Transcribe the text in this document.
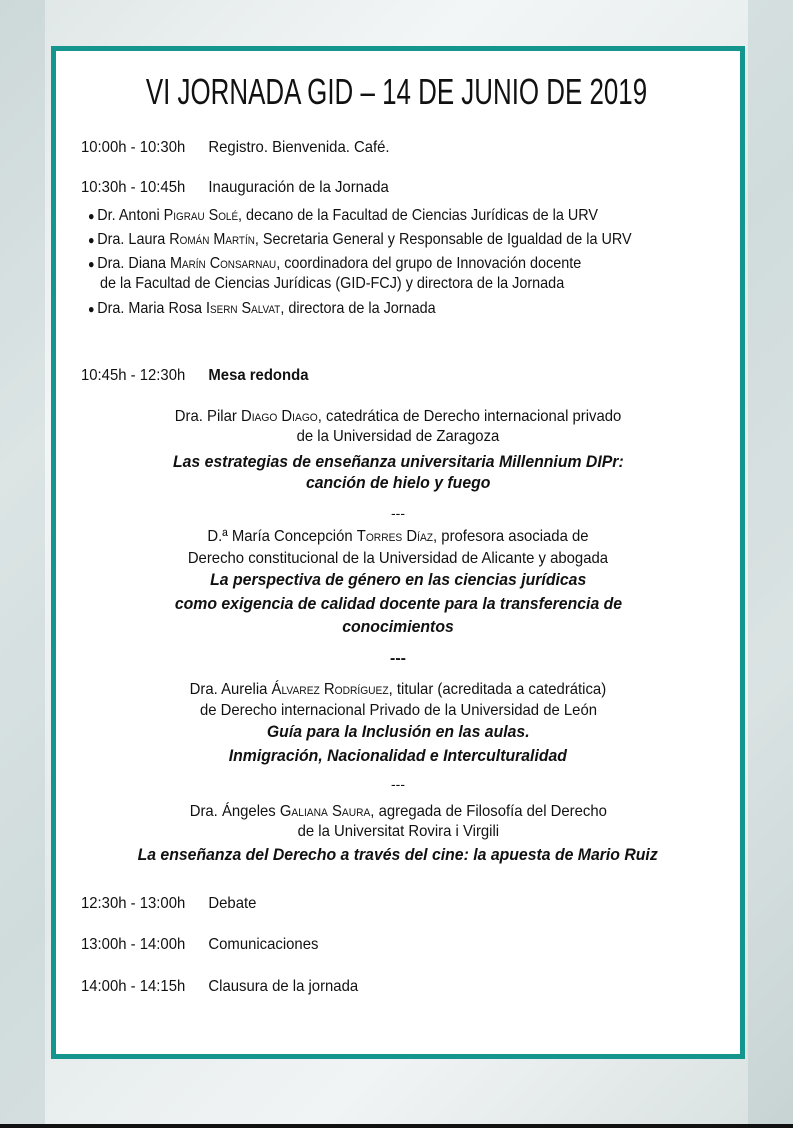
VI JORNADA GID – 14 DE JUNIO DE 2019
10:00h - 10:30h Registro. Bienvenida. Café.
10:30h - 10:45h Inauguración de la Jornada
● Dr. Antoni Pigrau Solé, decano de la Facultad de Ciencias Jurídicas de la URV
● Dra. Laura Román Martín, Secretaria General y Responsable de Igualdad de la URV
● Dra. Diana Marín Consarnau, coordinadora del grupo de Innovación docente
de la Facultad de Ciencias Jurídicas (GID-FCJ) y directora de la Jornada
● Dra. Maria Rosa Isern Salvat, directora de la Jornada
10:45h - 12:30h Mesa redonda
Dra. Pilar Diago Diago, catedrática de Derecho internacional privado
de la Universidad de Zaragoza
Las estrategias de enseñanza universitaria Millennium DIPr:
canción de hielo y fuego
---
D.ª María Concepción Torres Díaz, profesora asociada de
Derecho constitucional de la Universidad de Alicante y abogada
La perspectiva de género en las ciencias jurídicas
como exigencia de calidad docente para la transferencia de
conocimientos
---
Dra. Aurelia Álvarez Rodríguez, titular (acreditada a catedrática)
de Derecho internacional Privado de la Universidad de León
Guía para la Inclusión en las aulas.
Inmigración, Nacionalidad e Interculturalidad
---
Dra. Ángeles Galiana Saura, agregada de Filosofía del Derecho
de la Universitat Rovira i Virgili
La enseñanza del Derecho a través del cine: la apuesta de Mario Ruiz
12:30h - 13:00h Debate
13:00h - 14:00h Comunicaciones
14:00h - 14:15h Clausura de la jornada
